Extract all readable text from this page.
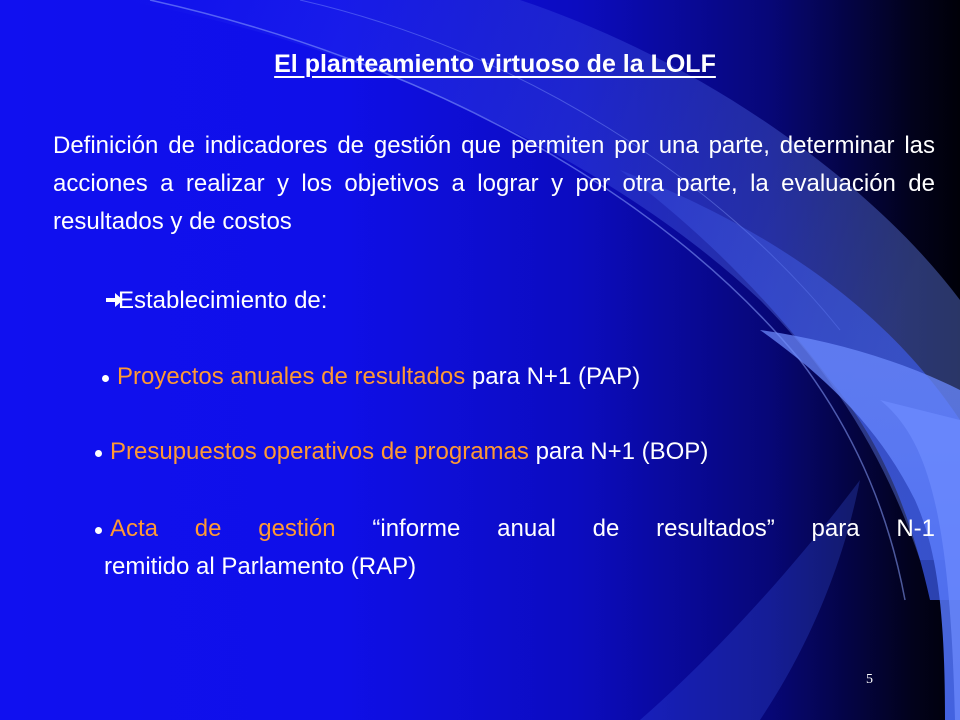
El planteamiento virtuoso de la LOLF

Definición de indicadores de gestión que permiten por una parte, determinar las acciones a realizar y los objetivos a lograr y por otra parte, la evaluación de resultados y de costos

Establecimiento de:
Proyectos anuales de resultados para N+1 (PAP)
Presupuestos operativos de programas para N+1 (BOP)
Acta de gestión “informe anual de resultados” para N-1
remitido al Parlamento (RAP)
5
